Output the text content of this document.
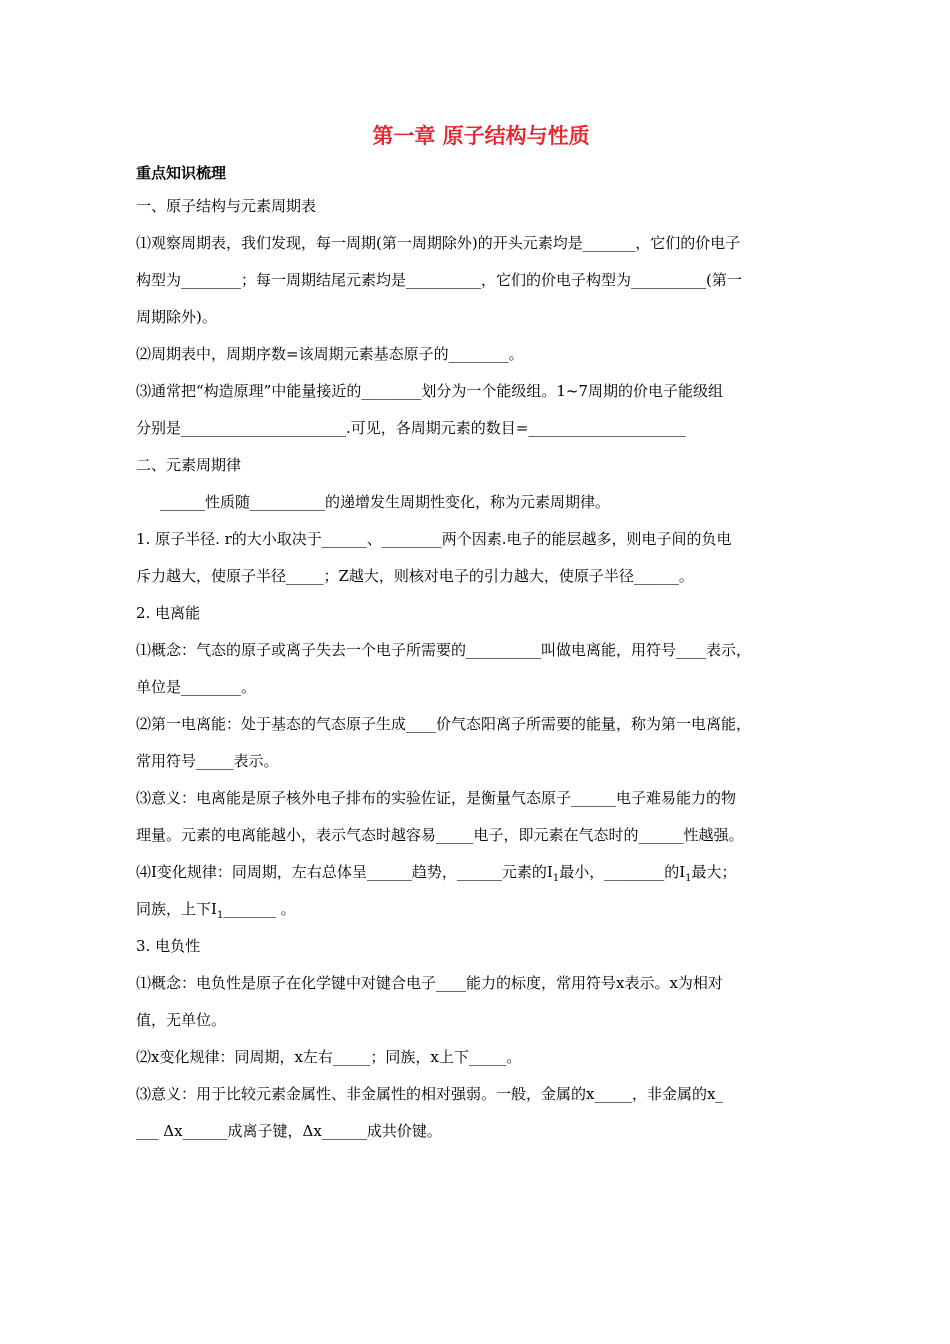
第一章 原子结构与性质
重点知识梳理
一、原子结构与元素周期表
⑴观察周期表，我们发现，每一周期(第一周期除外)的开头元素均是_______，它们的价电子
构型为________；每一周期结尾元素均是__________，它们的价电子构型为__________(第一
周期除外)。
⑵周期表中，周期序数=该周期元素基态原子的________。
⑶通常把“构造原理”中能量接近的________划分为一个能级组。1~7周期的价电子能级组
分别是______________________.可见，各周期元素的数目=_____________________
二、元素周期律
______性质随__________的递增发生周期性变化，称为元素周期律。
1. 原子半径. r的大小取决于______、________两个因素.电子的能层越多，则电子间的负电
斥力越大，使原子半径_____；Z越大，则核对电子的引力越大，使原子半径______。
2. 电离能
⑴概念：气态的原子或离子失去一个电子所需要的__________叫做电离能，用符号____表示，
单位是________。
⑵第一电离能：处于基态的气态原子生成____价气态阳离子所需要的能量，称为第一电离能，
常用符号_____表示。
⑶意义：电离能是原子核外电子排布的实验佐证，是衡量气态原子______电子难易能力的物
理量。元素的电离能越小，表示气态时越容易_____电子，即元素在气态时的______性越强。
⑷I变化规律：同周期，左右总体呈______趋势，______元素的$I_1$最小，________的$I_1$最大；
同族，上下$I_1\_\_\_\_\_\_\_$ 。
3. 电负性
⑴概念：电负性是原子在化学键中对键合电子____能力的标度，常用符号x表示。x为相对
值，无单位。
⑵x变化规律：同周期，x左右_____；同族，x上下_____。
⑶意义：用于比较元素金属性、非金属性的相对强弱。一般，金属的x_____，非金属的x_
___ Δx______成离子键，Δx______成共价键。
